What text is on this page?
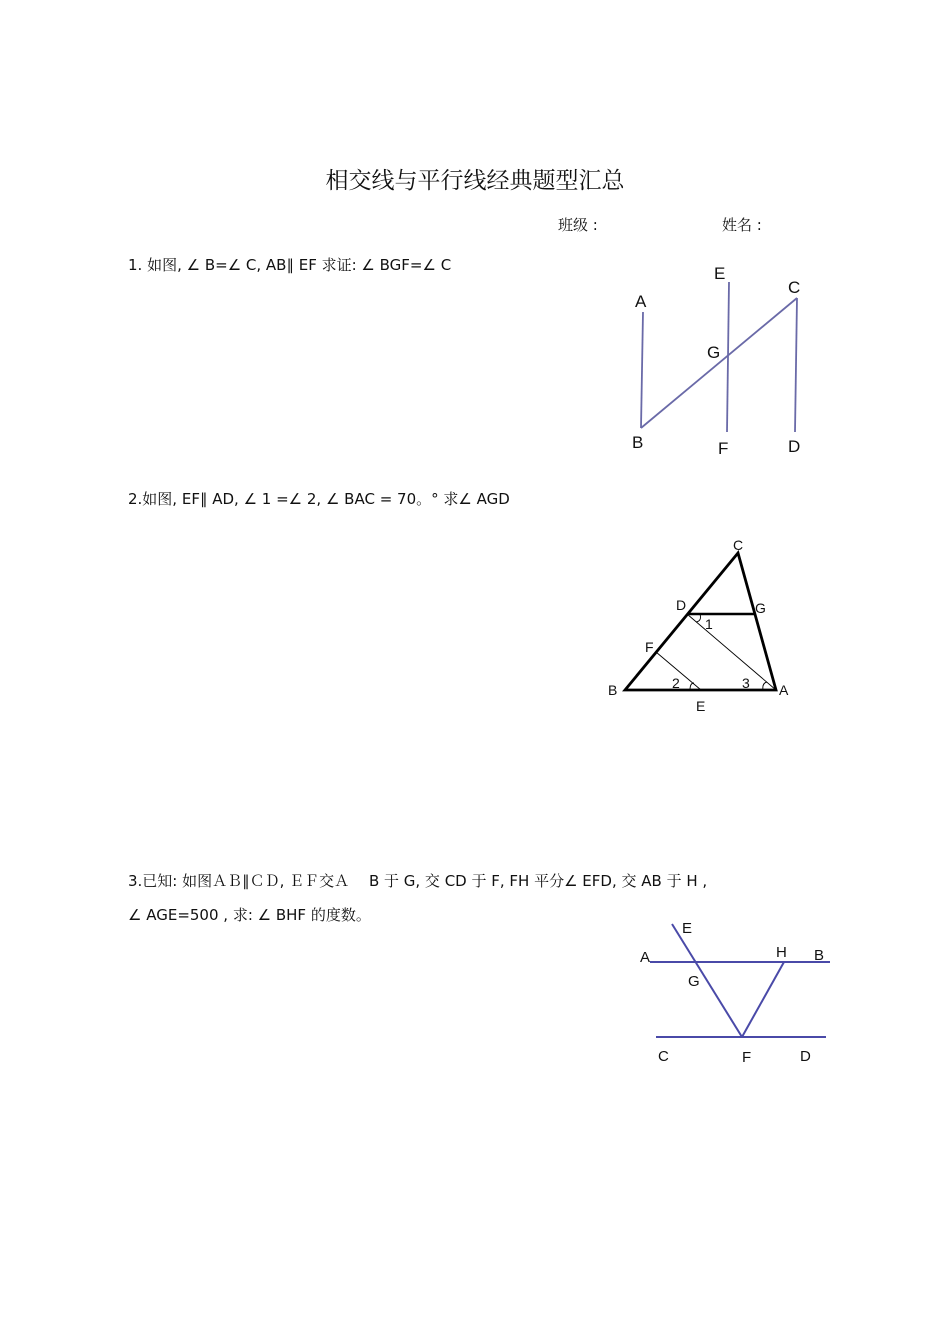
相交线与平行线经典题型汇总
班级 :	姓名 :
1. 如图, ∠ B=∠ C, AB∥ EF 求证: ∠ BGF=∠ C
A
B
C
D
E
F
G
2.如图, EF∥ AD, ∠ 1 =∠ 2, ∠ BAC = 70。° 求∠ AGD
C
D	G
F
B	A
E
1
2	3
3.已知: 如图ＡＢ∥ＣＤ, ＥＦ交Ａ　 B 于 G, 交 CD 于 F, FH 平分∠ EFD, 交 AB 于 H ,
∠ AGE=500 , 求: ∠ BHF 的度数。
E
A
G
H B
C	F	D
